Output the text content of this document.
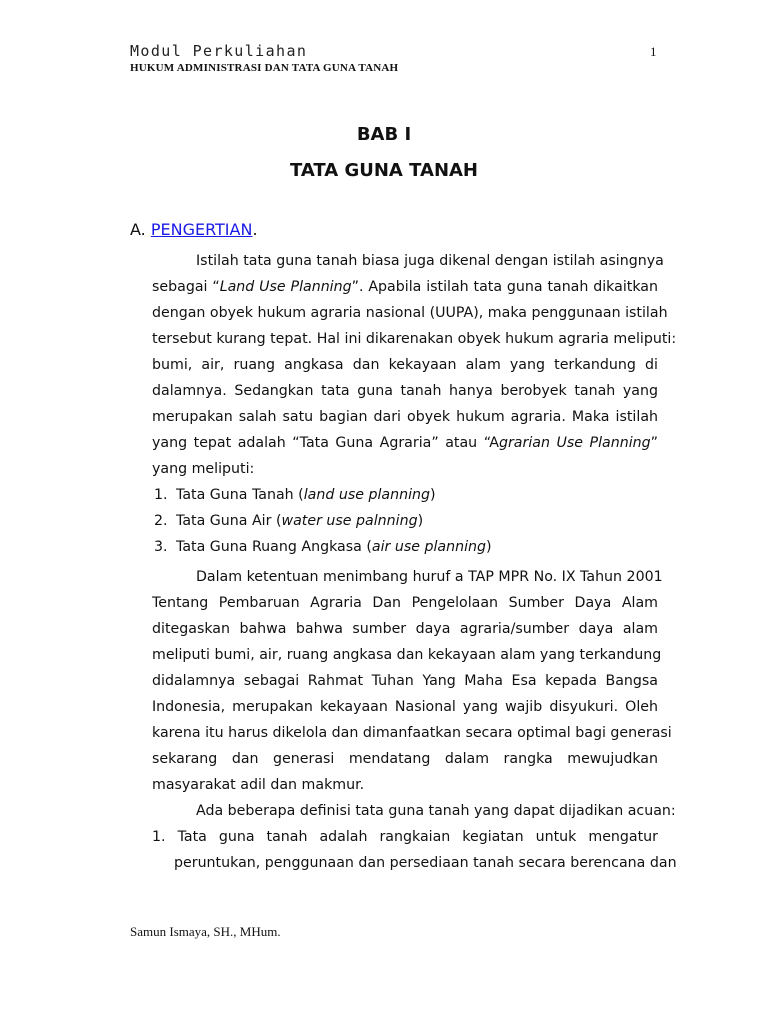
Modul Perkuliahan	1
HUKUM ADMINISTRASI DAN TATA GUNA TANAH
BAB I
TATA GUNA TANAH
A. PENGERTIAN.
Istilah tata guna tanah biasa juga dikenal dengan istilah asingnya
sebagai “Land Use Planning”. Apabila istilah tata guna tanah dikaitkan
dengan obyek hukum agraria nasional (UUPA), maka penggunaan istilah
tersebut kurang tepat. Hal ini dikarenakan obyek hukum agraria meliputi:
bumi, air, ruang angkasa dan kekayaan alam yang terkandung di
dalamnya. Sedangkan tata guna tanah hanya berobyek tanah yang
merupakan salah satu bagian dari obyek hukum agraria. Maka istilah
yang tepat adalah “Tata Guna Agraria” atau “Agrarian Use Planning”
yang meliputi:
1. Tata Guna Tanah (land use planning)
2. Tata Guna Air (water use palnning)
3. Tata Guna Ruang Angkasa (air use planning)
Dalam ketentuan menimbang huruf a TAP MPR No. IX Tahun 2001
Tentang Pembaruan Agraria Dan Pengelolaan Sumber Daya Alam
ditegaskan bahwa bahwa sumber daya agraria/sumber daya alam
meliputi bumi, air, ruang angkasa dan kekayaan alam yang terkandung
didalamnya sebagai Rahmat Tuhan Yang Maha Esa kepada Bangsa
Indonesia, merupakan kekayaan Nasional yang wajib disyukuri. Oleh
karena itu harus dikelola dan dimanfaatkan secara optimal bagi generasi
sekarang dan generasi mendatang dalam rangka mewujudkan
masyarakat adil dan makmur.
Ada beberapa definisi tata guna tanah yang dapat dijadikan acuan:
1. Tata guna tanah adalah rangkaian kegiatan untuk mengatur
peruntukan, penggunaan dan persediaan tanah secara berencana dan
Samun Ismaya, SH., MHum.
